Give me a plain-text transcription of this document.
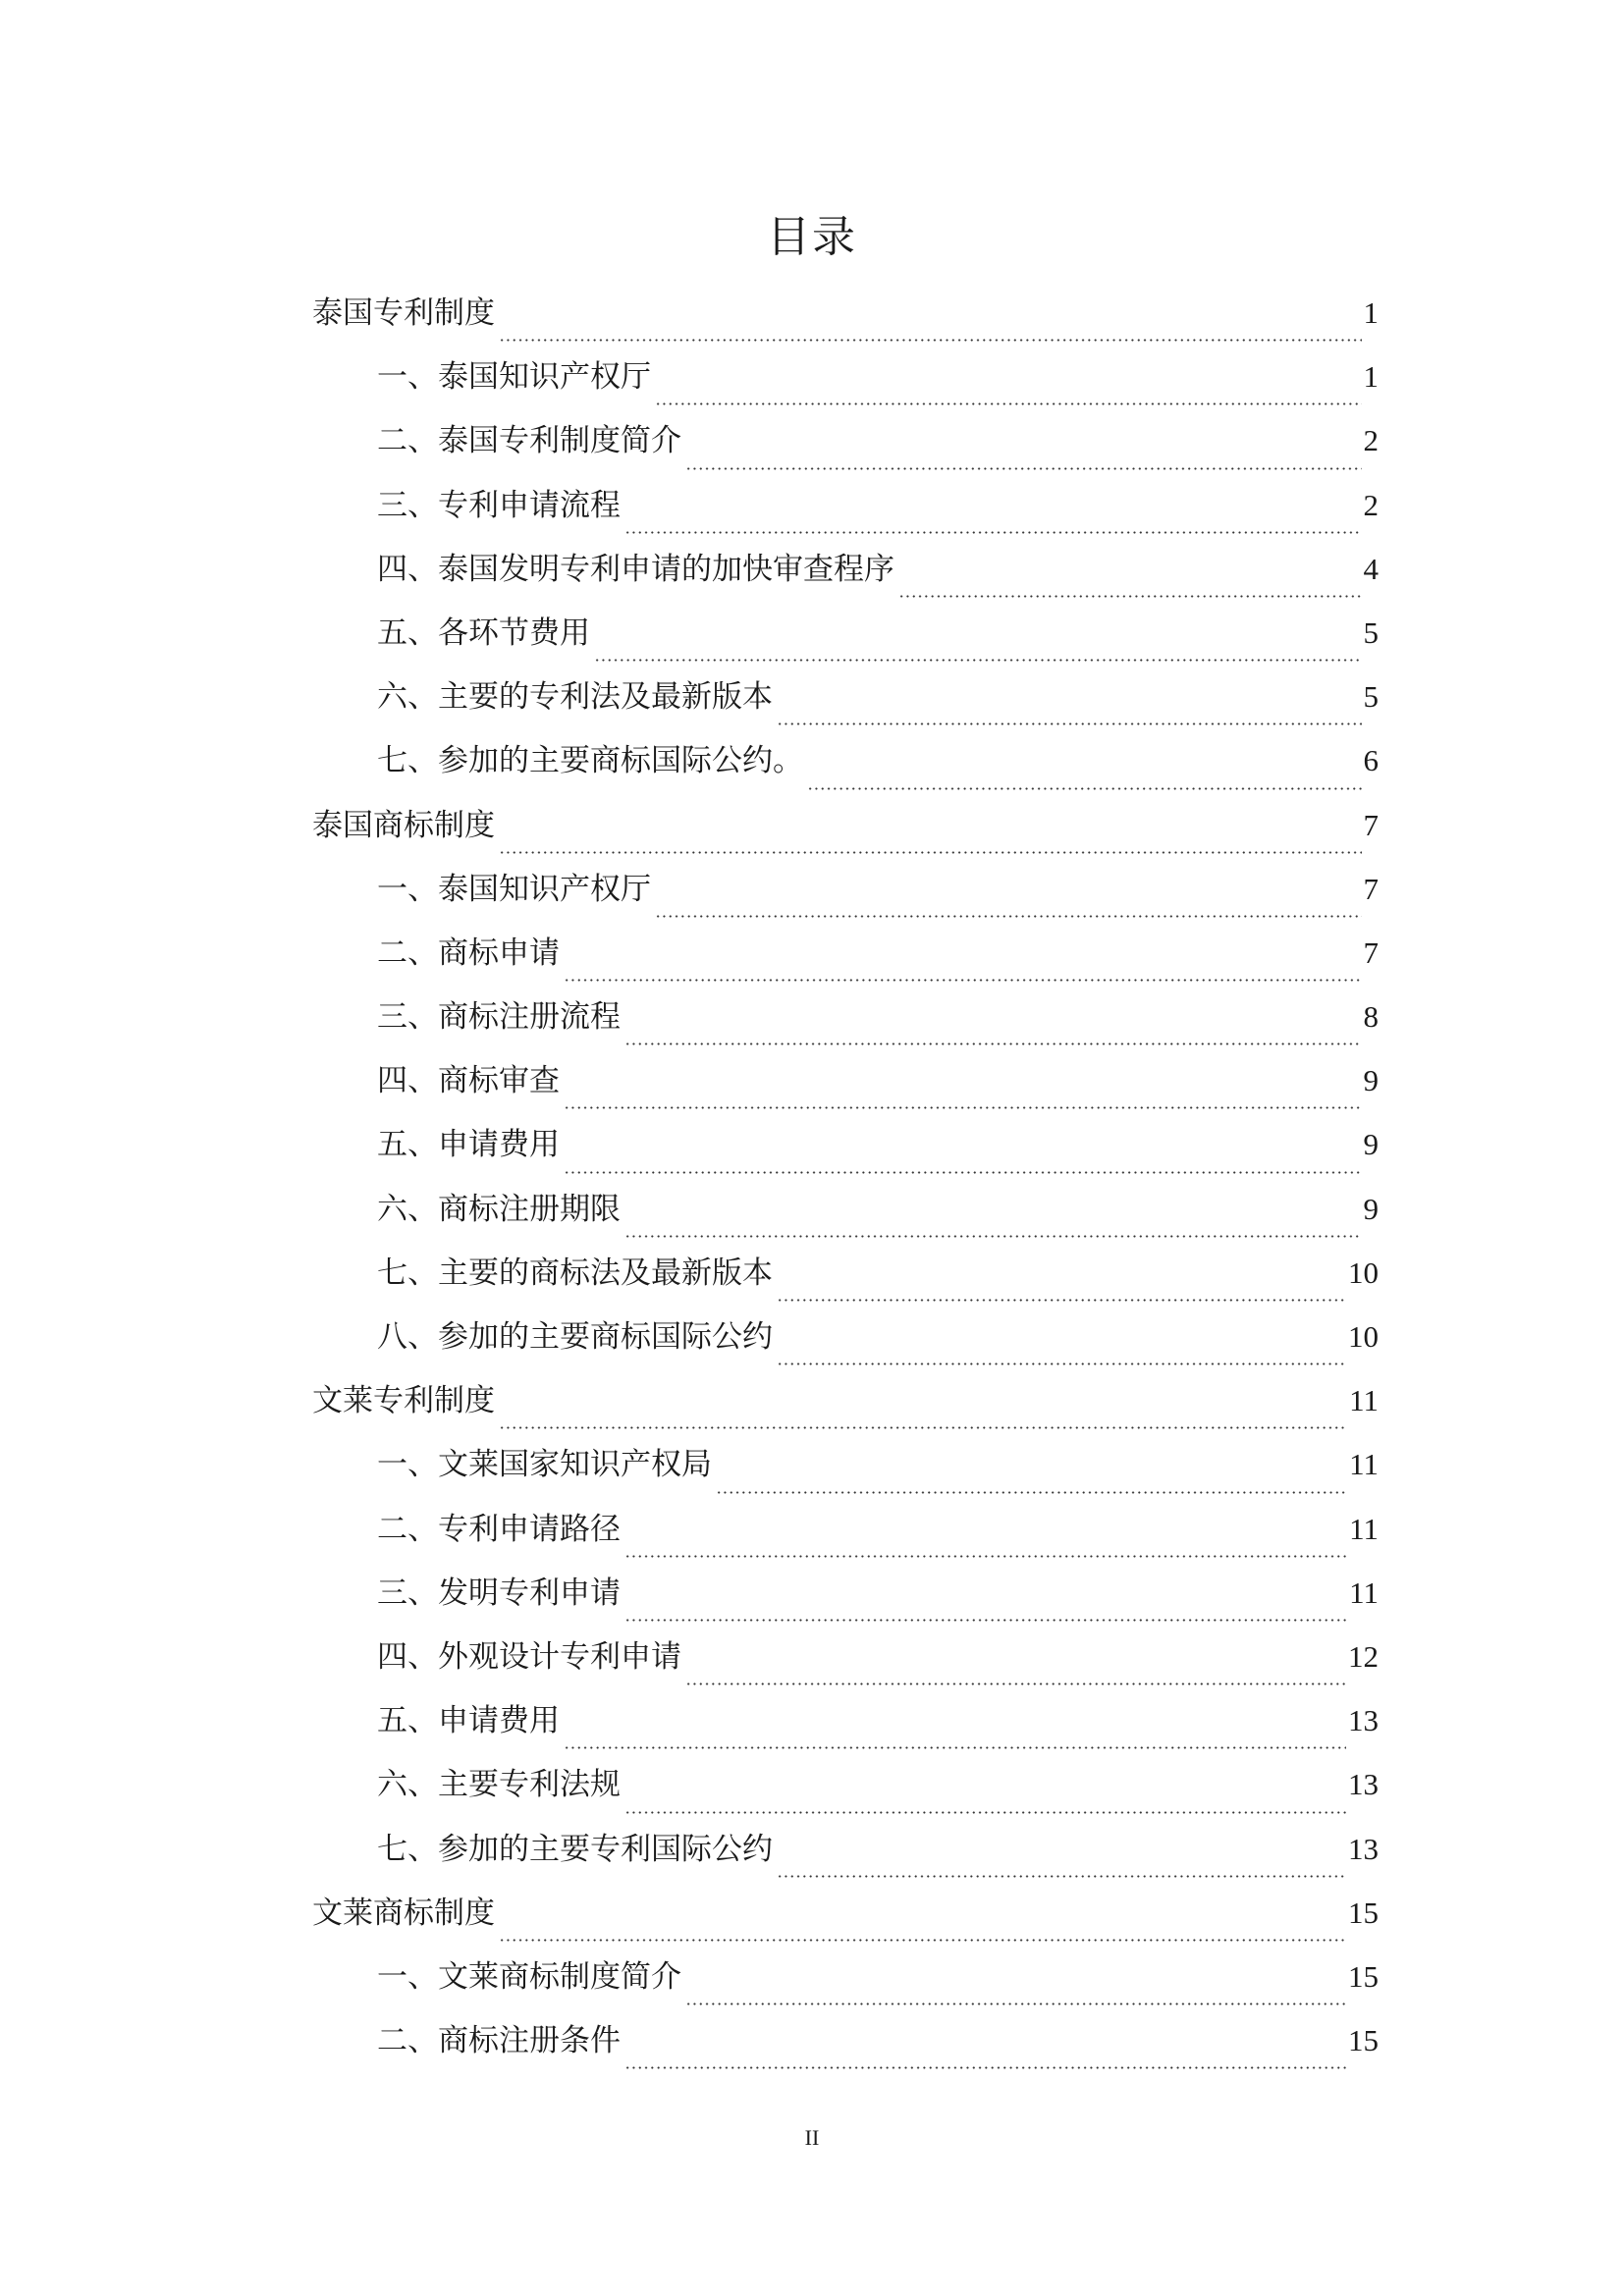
目录
泰国专利制度	1
一、泰国知识产权厅	1
二、泰国专利制度简介	2
三、专利申请流程	2
四、泰国发明专利申请的加快审查程序	4
五、各环节费用	5
六、主要的专利法及最新版本	5
七、参加的主要商标国际公约。	6
泰国商标制度	7
一、泰国知识产权厅	7
二、商标申请	7
三、商标注册流程	8
四、商标审查	9
五、申请费用	9
六、商标注册期限	9
七、主要的商标法及最新版本	10
八、参加的主要商标国际公约	10
文莱专利制度	11
一、文莱国家知识产权局	11
二、专利申请路径	11
三、发明专利申请	11
四、外观设计专利申请	12
五、申请费用	13
六、主要专利法规	13
七、参加的主要专利国际公约	13
文莱商标制度	15
一、文莱商标制度简介	15
二、商标注册条件	15
II
